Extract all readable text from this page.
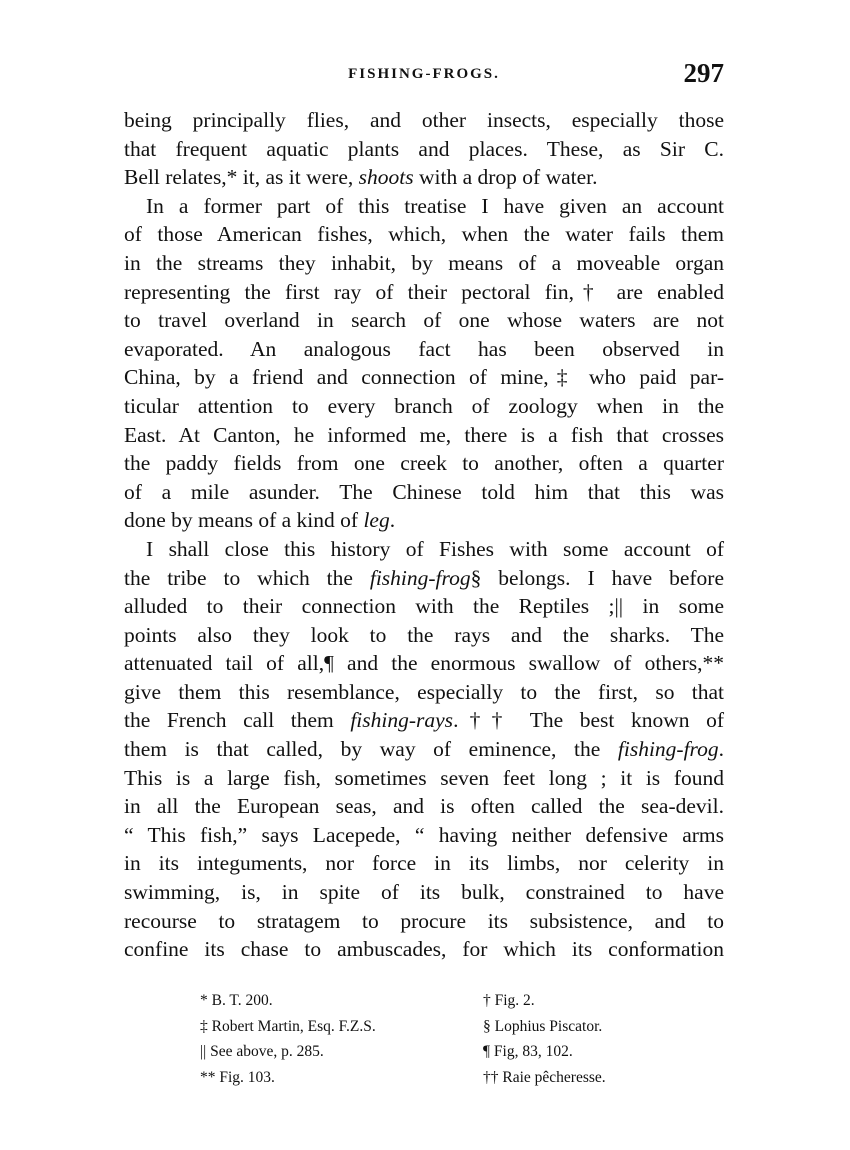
FISHING-FROGS.	297
being principally flies, and other insects, especially those
that frequent aquatic plants and places. These, as Sir C.
Bell relates,* it, as it were, shoots with a drop of water.
In a former part of this treatise I have given an account
of those American fishes, which, when the water fails them
in the streams they inhabit, by means of a moveable organ
representing the first ray of their pectoral fin,† are enabled
to travel overland in search of one whose waters are not
evaporated. An analogous fact has been observed in
China, by a friend and connection of mine,‡ who paid par-
ticular attention to every branch of zoology when in the
East. At Canton, he informed me, there is a fish that crosses
the paddy fields from one creek to another, often a quarter
of a mile asunder. The Chinese told him that this was
done by means of a kind of leg.
I shall close this history of Fishes with some account of
the tribe to which the fishing-frog§ belongs. I have before
alluded to their connection with the Reptiles ;|| in some
points also they look to the rays and the sharks. The
attenuated tail of all,¶ and the enormous swallow of others,**
give them this resemblance, especially to the first, so that
the French call them fishing-rays.†† The best known of
them is that called, by way of eminence, the fishing-frog.
This is a large fish, sometimes seven feet long ; it is found
in all the European seas, and is often called the sea-devil.
“ This fish,” says Lacepede, “ having neither defensive arms
in its integuments, nor force in its limbs, nor celerity in
swimming, is, in spite of its bulk, constrained to have
recourse to stratagem to procure its subsistence, and to
confine its chase to ambuscades, for which its conformation
* B. T. 200.	† Fig. 2.
‡ Robert Martin, Esq. F.Z.S.	§ Lophius Piscator.
|| See above, p. 285.	¶ Fig, 83, 102.
** Fig. 103.	†† Raie pêcheresse.
